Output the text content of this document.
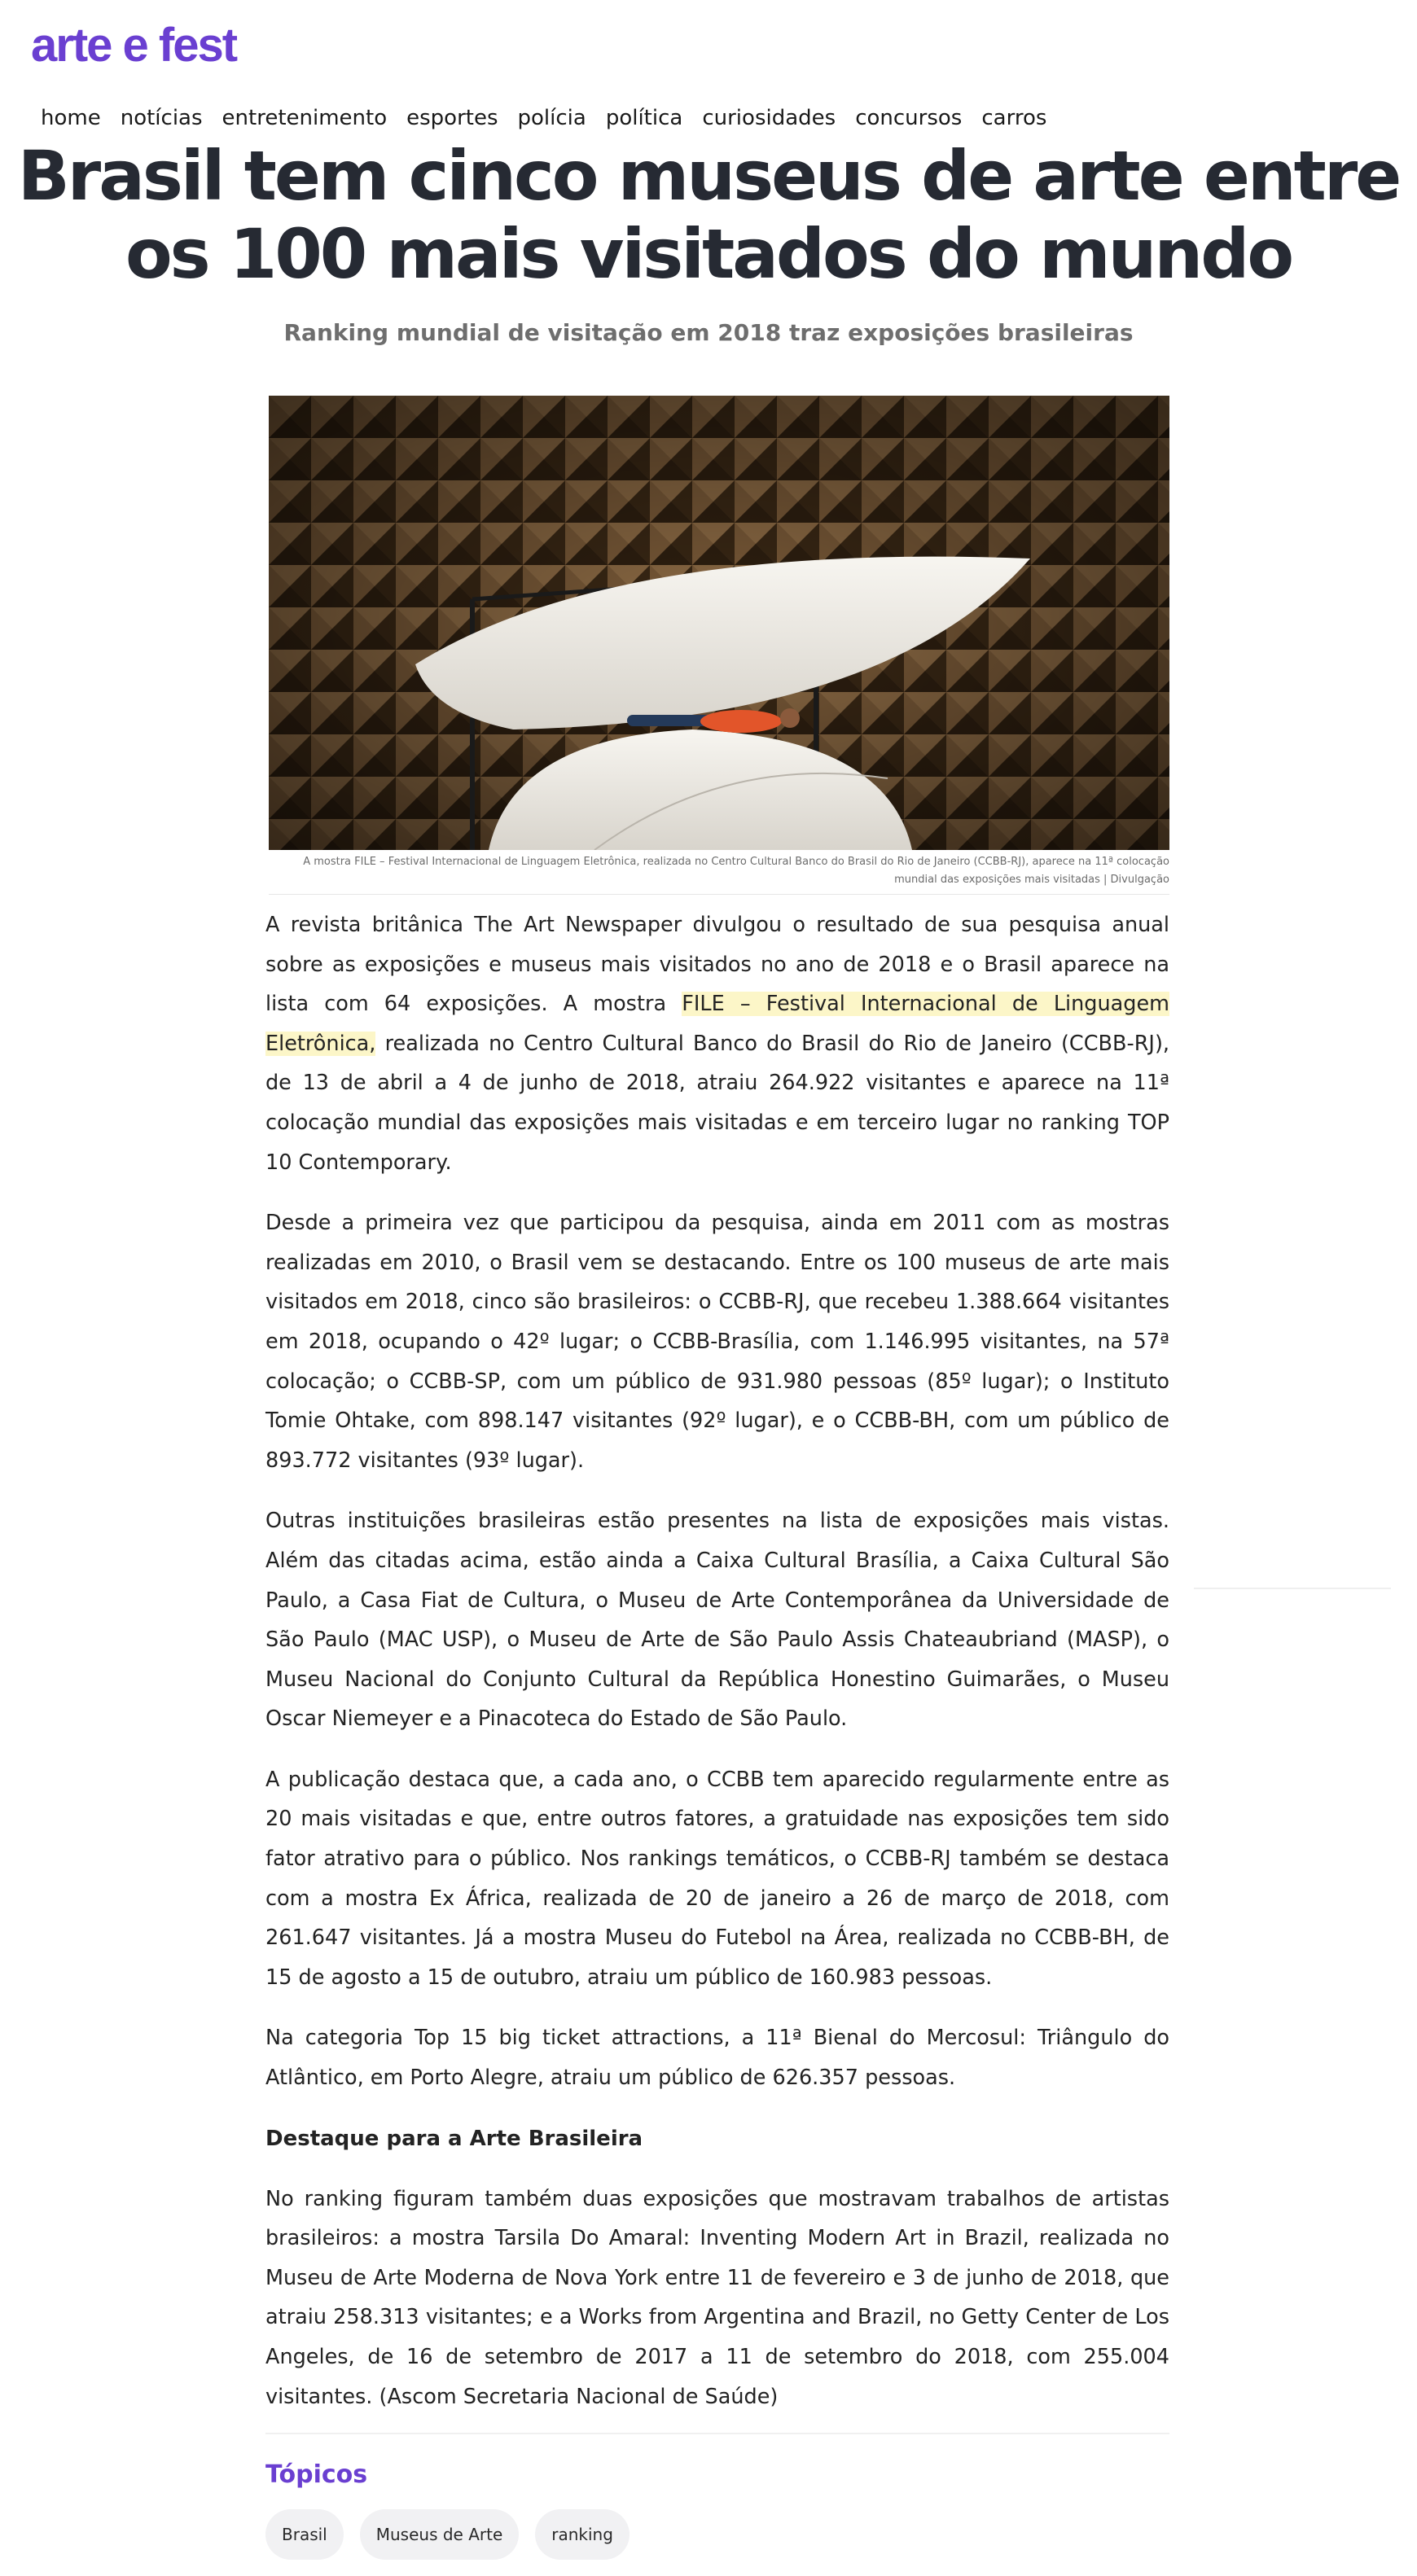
arte e fest
home notícias entretenimento esportes polícia política curiosidades concursos carros
Brasil tem cinco museus de arte entre os 100 mais visitados do mundo
Ranking mundial de visitação em 2018 traz exposições brasileiras
A mostra FILE – Festival Internacional de Linguagem Eletrônica, realizada no Centro Cultural Banco do Brasil do Rio de Janeiro (CCBB-RJ), aparece na 11ª colocação
mundial das exposições mais visitadas | Divulgação

A revista britânica The Art Newspaper divulgou o resultado de sua pesquisa anual sobre as exposições e museus mais visitados no ano de 2018 e o Brasil aparece na lista com 64 exposições. A mostra FILE – Festival Internacional de Linguagem Eletrônica, realizada no Centro Cultural Banco do Brasil do Rio de Janeiro (CCBB-RJ), de 13 de abril a 4 de junho de 2018, atraiu 264.922 visitantes e aparece na 11ª colocação mundial das exposições mais visitadas e em terceiro lugar no ranking TOP 10 Contemporary.

Desde a primeira vez que participou da pesquisa, ainda em 2011 com as mostras realizadas em 2010, o Brasil vem se destacando. Entre os 100 museus de arte mais visitados em 2018, cinco são brasileiros: o CCBB-RJ, que recebeu 1.388.664 visitantes em 2018, ocupando o 42º lugar; o CCBB-Brasília, com 1.146.995 visitantes, na 57ª colocação; o CCBB-SP, com um público de 931.980 pessoas (85º lugar); o Instituto Tomie Ohtake, com 898.147 visitantes (92º lugar), e o CCBB-BH, com um público de 893.772 visitantes (93º lugar).

Outras instituições brasileiras estão presentes na lista de exposições mais vistas. Além das citadas acima, estão ainda a Caixa Cultural Brasília, a Caixa Cultural São Paulo, a Casa Fiat de Cultura, o Museu de Arte Contemporânea da Universidade de São Paulo (MAC USP), o Museu de Arte de São Paulo Assis Chateaubriand (MASP), o Museu Nacional do Conjunto Cultural da República Honestino Guimarães, o Museu Oscar Niemeyer e a Pinacoteca do Estado de São Paulo.

A publicação destaca que, a cada ano, o CCBB tem aparecido regularmente entre as 20 mais visitadas e que, entre outros fatores, a gratuidade nas exposições tem sido fator atrativo para o público. Nos rankings temáticos, o CCBB-RJ também se destaca com a mostra Ex África, realizada de 20 de janeiro a 26 de março de 2018, com 261.647 visitantes. Já a mostra Museu do Futebol na Área, realizada no CCBB-BH, de 15 de agosto a 15 de outubro, atraiu um público de 160.983 pessoas.

Na categoria Top 15 big ticket attractions, a 11ª Bienal do Mercosul: Triângulo do Atlântico, em Porto Alegre, atraiu um público de 626.357 pessoas.

Destaque para a Arte Brasileira

No ranking figuram também duas exposições que mostravam trabalhos de artistas brasileiros: a mostra Tarsila Do Amaral: Inventing Modern Art in Brazil, realizada no Museu de Arte Moderna de Nova York entre 11 de fevereiro e 3 de junho de 2018, que atraiu 258.313 visitantes; e a Works from Argentina and Brazil, no Getty Center de Los Angeles, de 16 de setembro de 2017 a 11 de setembro do 2018, com 255.004 visitantes. (Ascom Secretaria Nacional de Saúde)

Tópicos
Brasil	Museus de Arte	ranking
